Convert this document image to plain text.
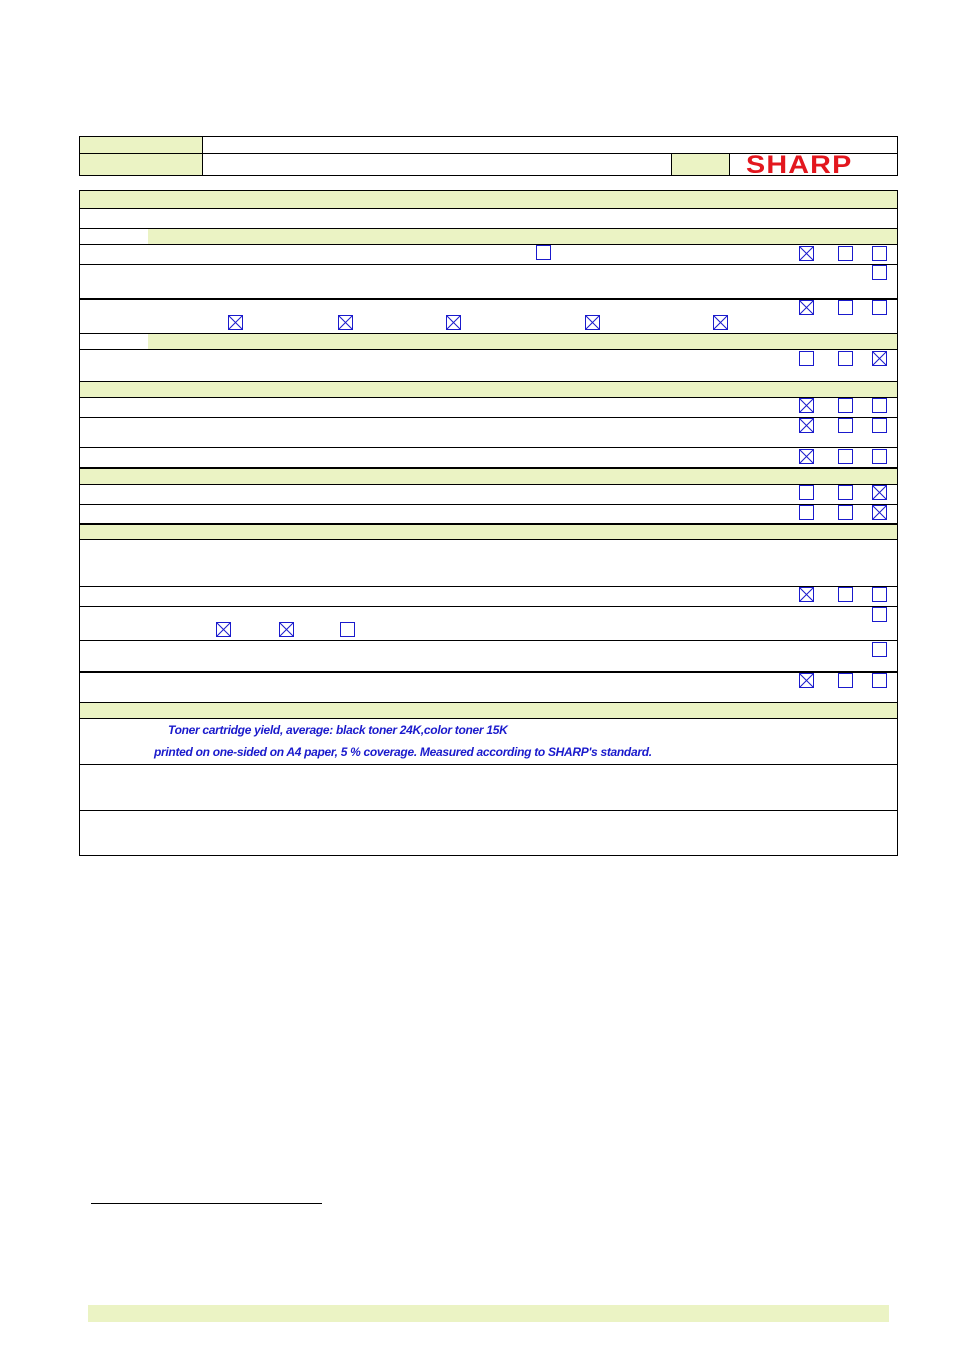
SHARP
Toner cartridge yield, average: black toner 24K,color toner 15K
printed on one-sided on A4 paper, 5 % coverage. Measured according to SHARP's standard.
